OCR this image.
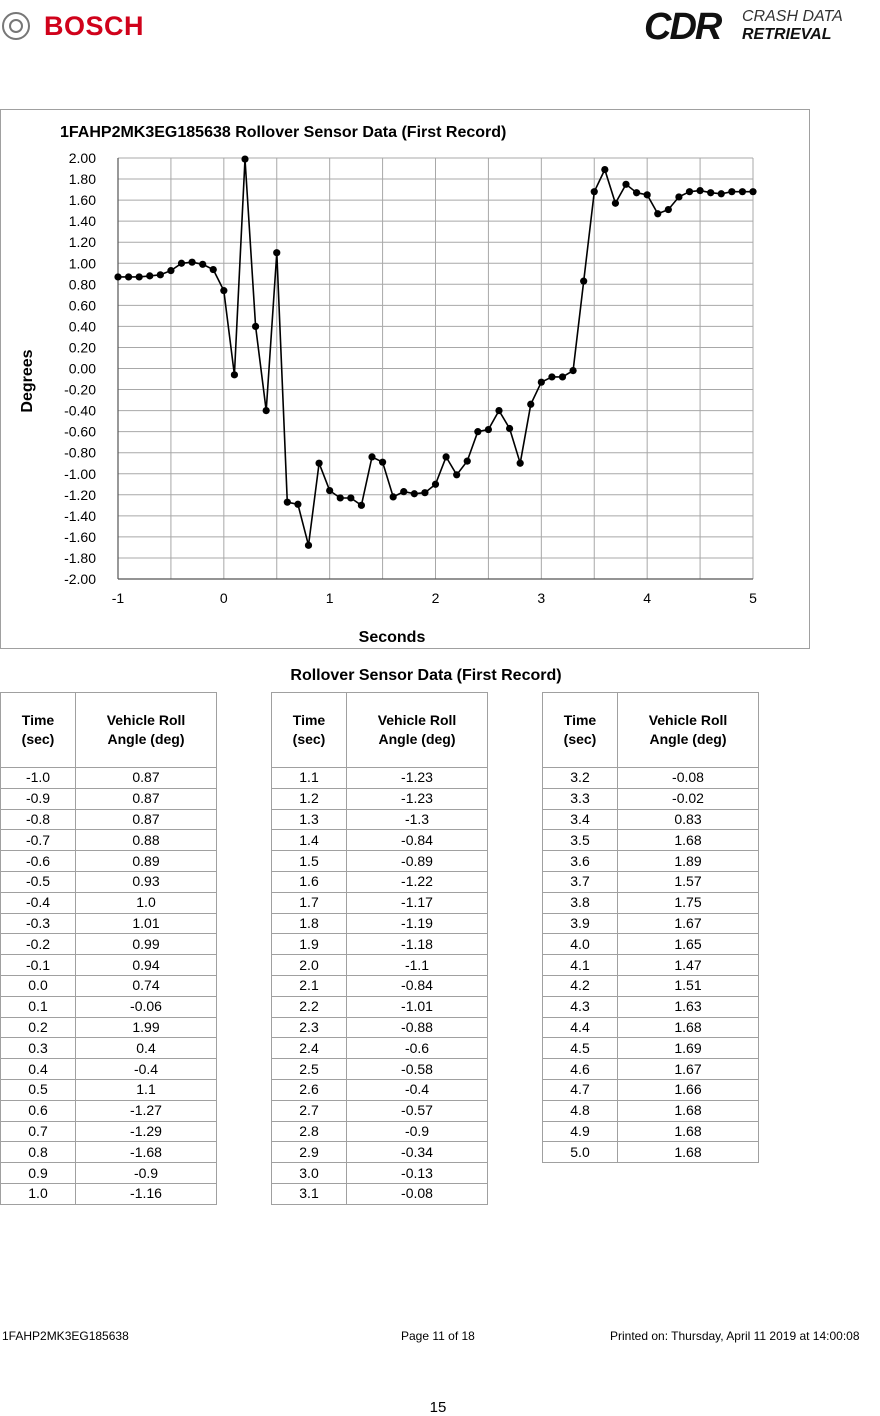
BOSCH	CDR CRASH DATA
RETRIEVAL
-2.00
-1.80
-1.60
-1.40
-1.20
-1.00
-0.80
-0.60
-0.40
-0.20
0.00
0.20
0.40
0.60
0.80
1.00
1.20
1.40
1.60
1.80
2.00
-1	0	1	2	3	4	5
1FAHP2MK3EG185638 Rollover Sensor Data (First Record)
Seconds
Degrees
Rollover Sensor Data (First Record)
Time
(sec)	Vehicle Roll
Angle (deg)
-1.0	0.87
-0.9	0.87
-0.8	0.87
-0.7	0.88
-0.6	0.89
-0.5	0.93
-0.4	1.0
-0.3	1.01
-0.2	0.99
-0.1	0.94
0.0	0.74
0.1	-0.06
0.2	1.99
0.3	0.4
0.4	-0.4
0.5	1.1
0.6	-1.27
0.7	-1.29
0.8	-1.68
0.9	-0.9
1.0	-1.16
Time
(sec)	Vehicle Roll
Angle (deg)
1.1	-1.23
1.2	-1.23
1.3	-1.3
1.4	-0.84
1.5	-0.89
1.6	-1.22
1.7	-1.17
1.8	-1.19
1.9	-1.18
2.0	-1.1
2.1	-0.84
2.2	-1.01
2.3	-0.88
2.4	-0.6
2.5	-0.58
2.6	-0.4
2.7	-0.57
2.8	-0.9
2.9	-0.34
3.0	-0.13
3.1	-0.08
Time
(sec)	Vehicle Roll
Angle (deg)
3.2	-0.08
3.3	-0.02
3.4	0.83
3.5	1.68
3.6	1.89
3.7	1.57
3.8	1.75
3.9	1.67
4.0	1.65
4.1	1.47
4.2	1.51
4.3	1.63
4.4	1.68
4.5	1.69
4.6	1.67
4.7	1.66
4.8	1.68
4.9	1.68
5.0	1.68
1FAHP2MK3EG185638	Page 11 of 18	Printed on: Thursday, April 11 2019 at 14:00:08
15
